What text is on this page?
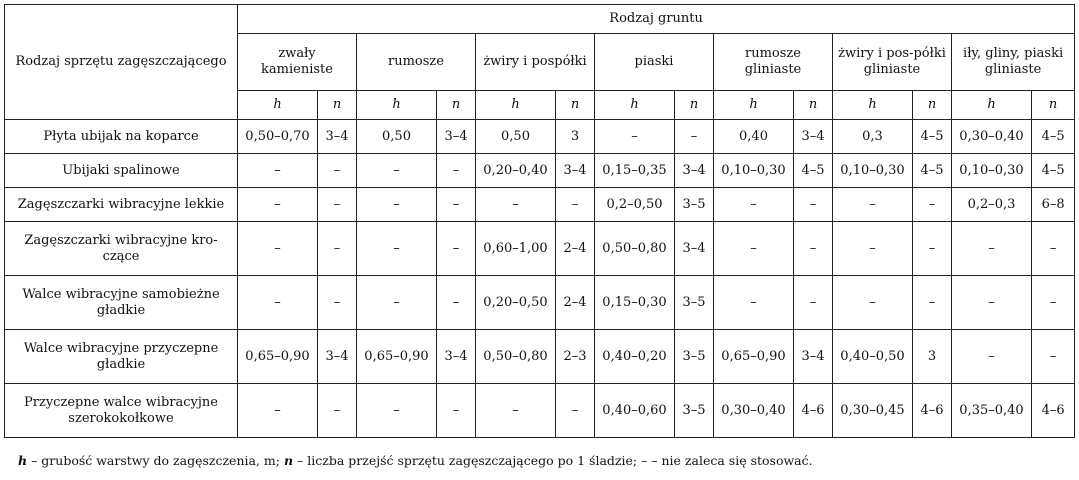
Rodzaj sprzętu zagęszczającego	Rodzaj gruntu													
	zwały kamieniste		rumosze		żwiry i pospółki		piaski		rumosze gliniaste		żwiry i pos-półki gliniaste		iły, gliny, piaski gliniaste	
	h	n	h	n	h	n	h	n	h	n	h	n	h	n
Płyta ubijak na koparce	0,50–0,70	3–4	0,50	3–4	0,50	3	–	–	0,40	3–4	0,3	4–5	0,30–0,40	4–5
Ubijaki spalinowe	–	–	–	–	0,20–0,40	3–4	0,15–0,35	3–4	0,10–0,30	4–5	0,10–0,30	4–5	0,10–0,30	4–5
Zagęszczarki wibracyjne lekkie	–	–	–	–	–	–	0,2–0,50	3–5	–	–	–	–	0,2–0,3	6–8
Zagęszczarki wibracyjne kro-czące	–	–	–	–	0,60–1,00	2–4	0,50–0,80	3–4	–	–	–	–	–	–
Walce wibracyjne samobieżne gładkie	–	–	–	–	0,20–0,50	2–4	0,15–0,30	3–5	–	–	–	–	–	–
Walce wibracyjne przyczepne gładkie	0,65–0,90	3–4	0,65–0,90	3–4	0,50–0,80	2–3	0,40–0,20	3–5	0,65–0,90	3–4	0,40–0,50	3	–	–
Przyczepne walce wibracyjne szerokokołkowe	–	–	–	–	–	–	0,40–0,60	3–5	0,30–0,40	4–6	0,30–0,45	4–6	0,35–0,40	4–6
h – grubość warstwy do zagęszczenia, m; n – liczba przejść sprzętu zagęszczającego po 1 śladzie; – – nie zaleca się stosować.
